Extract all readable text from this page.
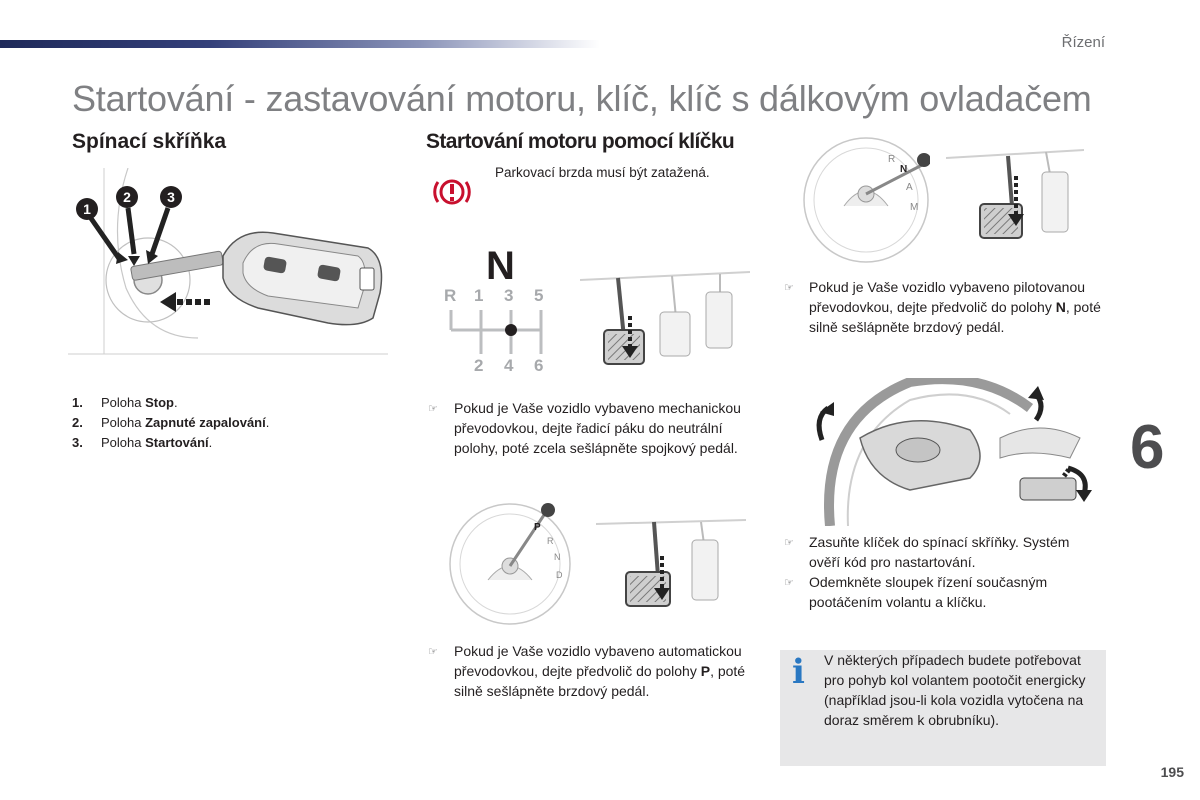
Řízení
Startování - zastavování motoru, klíč, klíč s dálkovým ovladačem
Spínací skříňka
1
2	3
1. Poloha Stop.
2. Poloha Zapnuté zapalování.
3. Poloha Startování.
Startování motoru pomocí klíčku
Parkovací brzda musí být zatažená.
N
R 1 3 5
2 4 6
☞ Pokud je Vaše vozidlo vybaveno mechanickou převodovkou, dejte řadicí páku do neutrální polohy, poté zcela sešlápněte spojkový pedál.
P
R
N
D
☞ Pokud je Vaše vozidlo vybaveno automatickou převodovkou, dejte předvolič do polohy P, poté silně sešlápněte brzdový pedál.
R
N
A
M
☞ Pokud je Vaše vozidlo vybaveno pilotovanou převodovkou, dejte předvolič do polohy N, poté silně sešlápněte brzdový pedál.
☞ Zasuňte klíček do spínací skříňky. Systém ověří kód pro nastartování.
☞ Odemkněte sloupek řízení současným pootáčením volantu a klíčku.
i V některých případech budete potřebovat pro pohyb kol volantem pootočit energicky (například jsou-li kola vozidla vytočena na doraz směrem k obrubníku).
6
195
